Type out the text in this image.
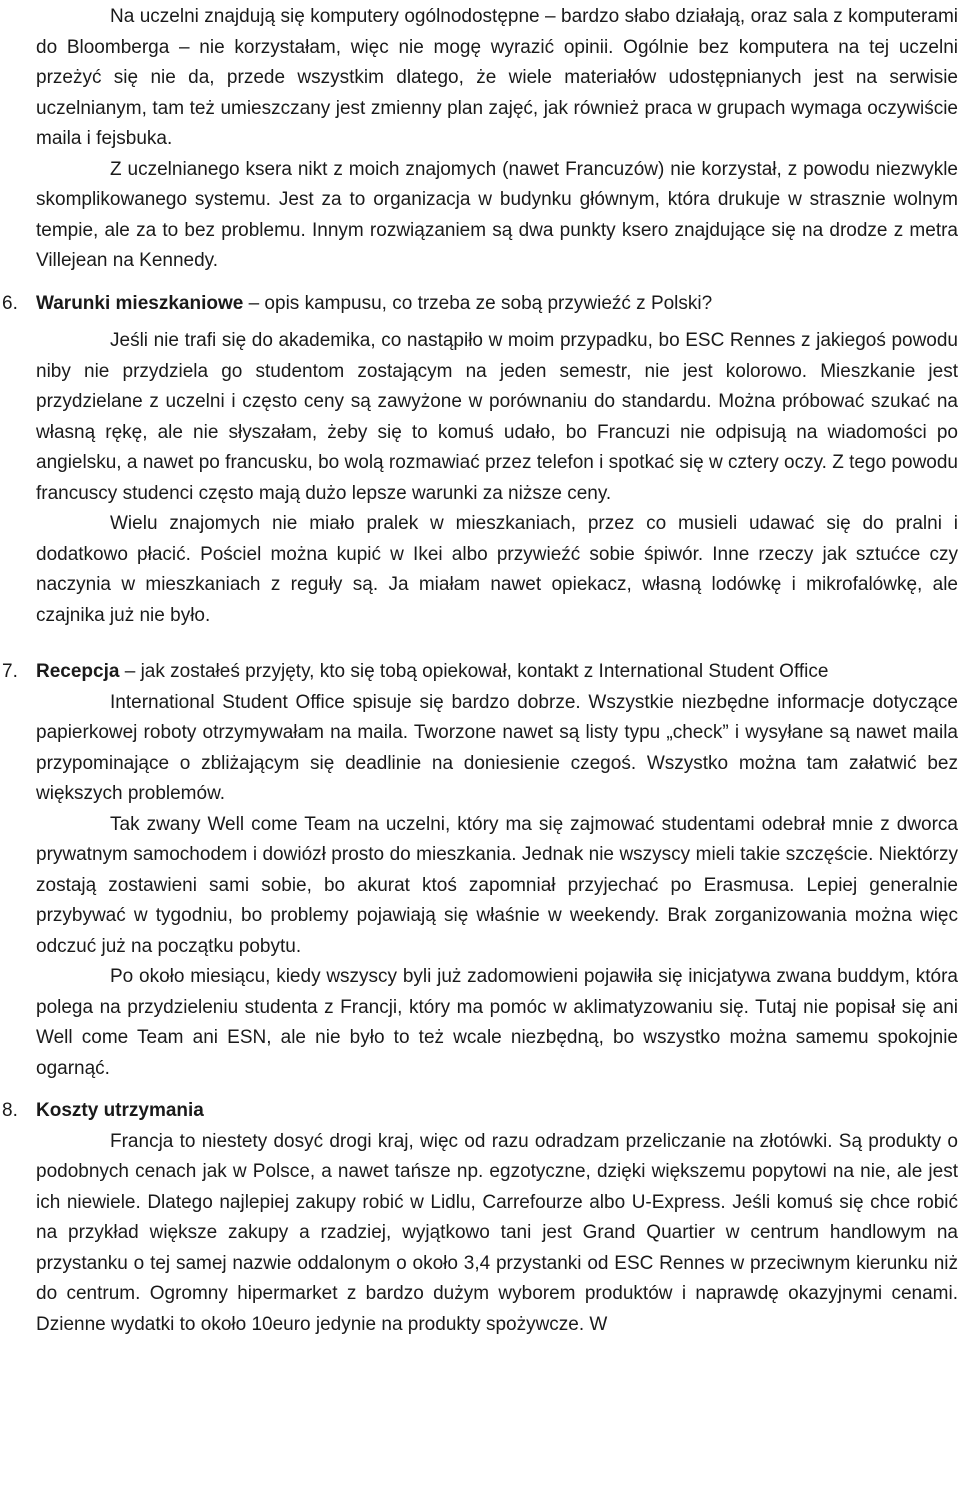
Na uczelni znajdują się komputery ogólnodostępne – bardzo słabo działają, oraz sala z komputerami do Bloomberga – nie korzystałam, więc nie mogę wyrazić opinii. Ogólnie bez komputera na tej uczelni przeżyć się nie da, przede wszystkim dlatego, że wiele materiałów udostępnianych jest na serwisie uczelnianym, tam też umieszczany jest zmienny plan zajęć, jak również praca w grupach wymaga oczywiście maila i fejsbuka.

Z uczelnianego ksera nikt z moich znajomych (nawet Francuzów) nie korzystał, z powodu niezwykle skomplikowanego systemu. Jest za to organizacja w budynku głównym, która drukuje w strasznie wolnym tempie, ale za to bez problemu. Innym rozwiązaniem są dwa punkty ksero znajdujące się na drodze z metra Villejean na Kennedy.

6. Warunki mieszkaniowe – opis kampusu, co trzeba ze sobą przywieźć z Polski?

Jeśli nie trafi się do akademika, co nastąpiło w moim przypadku, bo ESC Rennes z jakiegoś powodu niby nie przydziela go studentom zostającym na jeden semestr, nie jest kolorowo. Mieszkanie jest przydzielane z uczelni i często ceny są zawyżone w porównaniu do standardu. Można próbować szukać na własną rękę, ale nie słyszałam, żeby się to komuś udało, bo Francuzi nie odpisują na wiadomości po angielsku, a nawet po francusku, bo wolą rozmawiać przez telefon i spotkać się w cztery oczy. Z tego powodu francuscy studenci często mają dużo lepsze warunki za niższe ceny.

Wielu znajomych nie miało pralek w mieszkaniach, przez co musieli udawać się do pralni i dodatkowo płacić. Pościel można kupić w Ikei albo przywieźć sobie śpiwór. Inne rzeczy jak sztućce czy naczynia w mieszkaniach z reguły są. Ja miałam nawet opiekacz, własną lodówkę i mikrofalówkę, ale czajnika już nie było.

7. Recepcja – jak zostałeś przyjęty, kto się tobą opiekował, kontakt z International Student Office

International Student Office spisuje się bardzo dobrze. Wszystkie niezbędne informacje dotyczące papierkowej roboty otrzymywałam na maila. Tworzone nawet są listy typu „check” i wysyłane są nawet maila przypominające o zbliżającym się deadlinie na doniesienie czegoś. Wszystko można tam załatwić bez większych problemów.

Tak zwany Well come Team na uczelni, który ma się zajmować studentami odebrał mnie z dworca prywatnym samochodem i dowiózł prosto do mieszkania. Jednak nie wszyscy mieli takie szczęście. Niektórzy zostają zostawieni sami sobie, bo akurat ktoś zapomniał przyjechać po Erasmusa. Lepiej generalnie przybywać w tygodniu, bo problemy pojawiają się właśnie w weekendy. Brak zorganizowania można więc odczuć już na początku pobytu.

Po około miesiącu, kiedy wszyscy byli już zadomowieni pojawiła się inicjatywa zwana buddym, która polega na przydzieleniu studenta z Francji, który ma pomóc w aklimatyzowaniu się. Tutaj nie popisał się ani Well come Team ani ESN, ale nie było to też wcale niezbędną, bo wszystko można samemu spokojnie ogarnąć.

8. Koszty utrzymania

Francja to niestety dosyć drogi kraj, więc od razu odradzam przeliczanie na złotówki. Są produkty o podobnych cenach jak w Polsce, a nawet tańsze np. egzotyczne, dzięki większemu popytowi na nie, ale jest ich niewiele. Dlatego najlepiej zakupy robić w Lidlu, Carrefourze albo U-Express. Jeśli komuś się chce robić na przykład większe zakupy a rzadziej, wyjątkowo tani jest Grand Quartier w centrum handlowym na przystanku o tej samej nazwie oddalonym o około 3,4 przystanki od ESC Rennes w przeciwnym kierunku niż do centrum. Ogromny hipermarket z bardzo dużym wyborem produktów i naprawdę okazyjnymi cenami. Dzienne wydatki to około 10euro jedynie na produkty spożywcze. W
